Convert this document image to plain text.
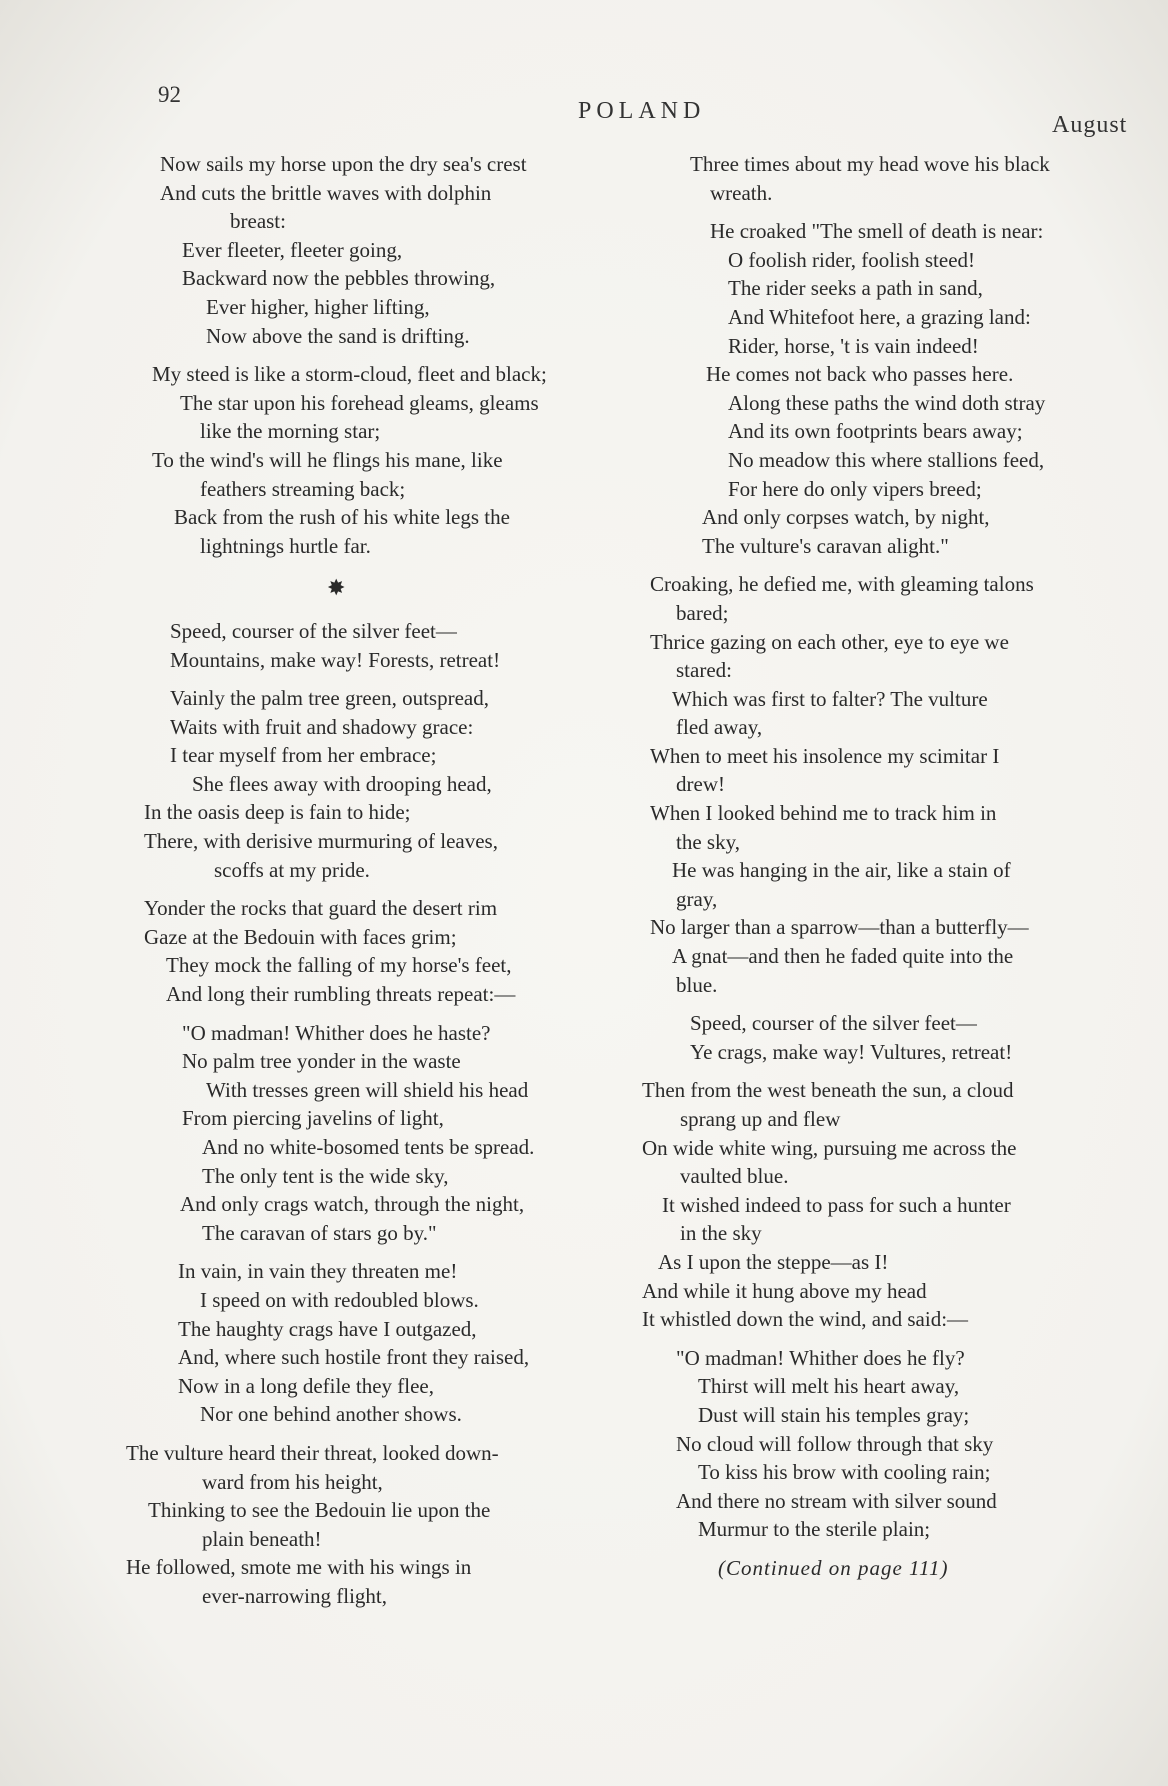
92
POLAND
August
Now sails my horse upon the dry sea's crest
And cuts the brittle waves with dolphin
breast:
Ever fleeter, fleeter going,
Backward now the pebbles throwing,
Ever higher, higher lifting,
Now above the sand is drifting.
My steed is like a storm-cloud, fleet and black;
The star upon his forehead gleams, gleams
like the morning star;
To the wind's will he flings his mane, like
feathers streaming back;
Back from the rush of his white legs the
lightnings hurtle far.
✸
Speed, courser of the silver feet—
Mountains, make way! Forests, retreat!
Vainly the palm tree green, outspread,
Waits with fruit and shadowy grace:
I tear myself from her embrace;
She flees away with drooping head,
In the oasis deep is fain to hide;
There, with derisive murmuring of leaves,
scoffs at my pride.
Yonder the rocks that guard the desert rim
Gaze at the Bedouin with faces grim;
They mock the falling of my horse's feet,
And long their rumbling threats repeat:—
"O madman! Whither does he haste?
No palm tree yonder in the waste
With tresses green will shield his head
From piercing javelins of light,
And no white-bosomed tents be spread.
The only tent is the wide sky,
And only crags watch, through the night,
The caravan of stars go by."
In vain, in vain they threaten me!
I speed on with redoubled blows.
The haughty crags have I outgazed,
And, where such hostile front they raised,
Now in a long defile they flee,
Nor one behind another shows.
The vulture heard their threat, looked down-
ward from his height,
Thinking to see the Bedouin lie upon the
plain beneath!
He followed, smote me with his wings in
ever-narrowing flight,
Three times about my head wove his black
wreath.
He croaked "The smell of death is near:
O foolish rider, foolish steed!
The rider seeks a path in sand,
And Whitefoot here, a grazing land:
Rider, horse, 't is vain indeed!
He comes not back who passes here.
Along these paths the wind doth stray
And its own footprints bears away;
No meadow this where stallions feed,
For here do only vipers breed;
And only corpses watch, by night,
The vulture's caravan alight."
Croaking, he defied me, with gleaming talons
bared;
Thrice gazing on each other, eye to eye we
stared:
Which was first to falter? The vulture
fled away,
When to meet his insolence my scimitar I
drew!
When I looked behind me to track him in
the sky,
He was hanging in the air, like a stain of
gray,
No larger than a sparrow—than a butterfly—
A gnat—and then he faded quite into the
blue.
Speed, courser of the silver feet—
Ye crags, make way! Vultures, retreat!
Then from the west beneath the sun, a cloud
sprang up and flew
On wide white wing, pursuing me across the
vaulted blue.
It wished indeed to pass for such a hunter
in the sky
As I upon the steppe—as I!
And while it hung above my head
It whistled down the wind, and said:—
"O madman! Whither does he fly?
Thirst will melt his heart away,
Dust will stain his temples gray;
No cloud will follow through that sky
To kiss his brow with cooling rain;
And there no stream with silver sound
Murmur to the sterile plain;
(Continued on page 111)
